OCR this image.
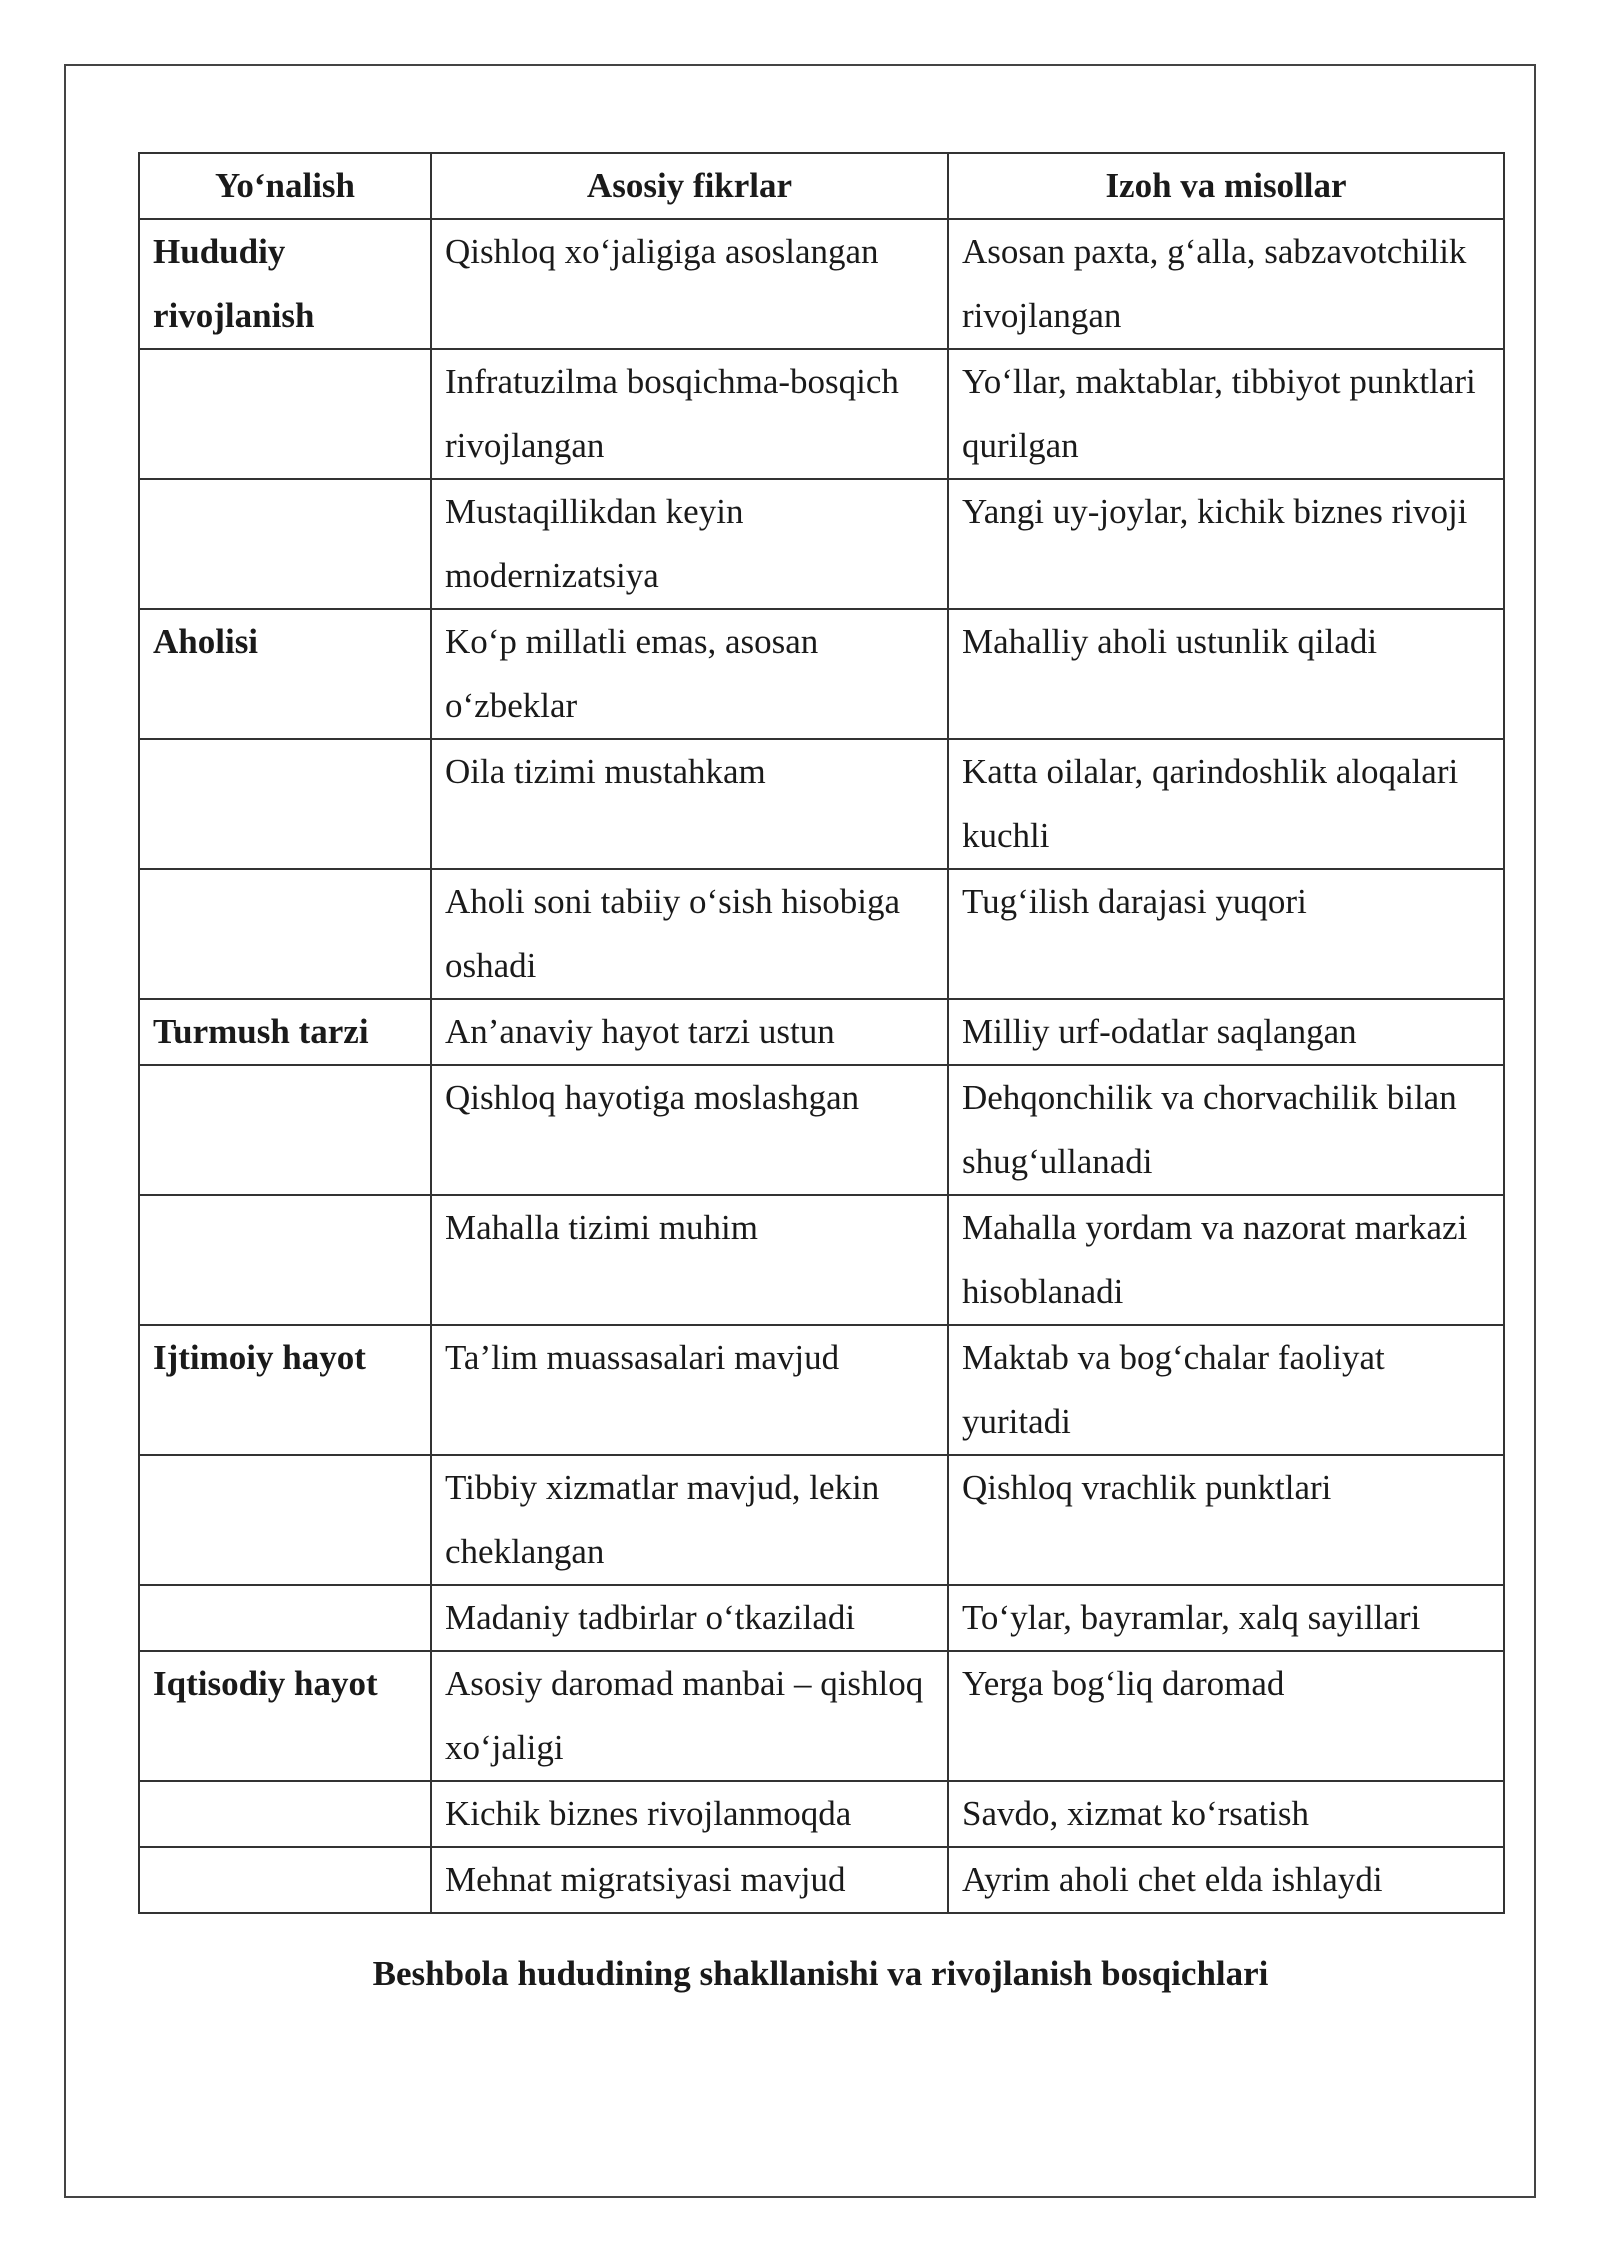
Yo‘nalish	Asosiy fikrlar	Izoh va misollar
Hududiy rivojlanish	Qishloq xo‘jaligiga asoslangan	Asosan paxta, g‘alla, sabzavotchilik rivojlangan
	Infratuzilma bosqichma-bosqich rivojlangan	Yo‘llar, maktablar, tibbiyot punktlari qurilgan
	Mustaqillikdan keyin modernizatsiya	Yangi uy-joylar, kichik biznes rivoji
Aholisi	Ko‘p millatli emas, asosan o‘zbeklar	Mahalliy aholi ustunlik qiladi
	Oila tizimi mustahkam	Katta oilalar, qarindoshlik aloqalari kuchli
	Aholi soni tabiiy o‘sish hisobiga oshadi	Tug‘ilish darajasi yuqori
Turmush tarzi	An’anaviy hayot tarzi ustun	Milliy urf-odatlar saqlangan
	Qishloq hayotiga moslashgan	Dehqonchilik va chorvachilik bilan shug‘ullanadi
	Mahalla tizimi muhim	Mahalla yordam va nazorat markazi hisoblanadi
Ijtimoiy hayot	Ta’lim muassasalari mavjud	Maktab va bog‘chalar faoliyat yuritadi
	Tibbiy xizmatlar mavjud, lekin cheklangan	Qishloq vrachlik punktlari
	Madaniy tadbirlar o‘tkaziladi	To‘ylar, bayramlar, xalq sayillari
Iqtisodiy hayot	Asosiy daromad manbai – qishloq xo‘jaligi	Yerga bog‘liq daromad
	Kichik biznes rivojlanmoqda	Savdo, xizmat ko‘rsatish
	Mehnat migratsiyasi mavjud	Ayrim aholi chet elda ishlaydi
Beshbola hududining shakllanishi va rivojlanish bosqichlari
